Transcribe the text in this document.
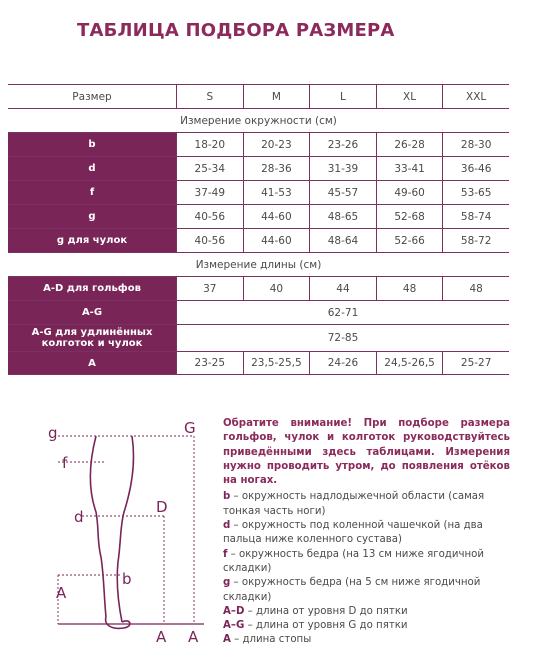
ТАБЛИЦА ПОДБОРА РАЗМЕРА
Размер	S	M	L	XL	XXL
Измерение окружности (см)
b	18-20	20-23	23-26	26-28	28-30
d	25-34	28-36	31-39	33-41	36-46
f	37-49	41-53	45-57	49-60	53-65
g	40-56	44-60	48-65	52-68	58-74
g для чулок	40-56	44-60	48-64	52-66	58-72
Измерение длины (см)
A-D для гольфов	37	40	44	48	48
A-G	62-71
A-G для удлинённых колготок и чулок	72-85
A	23-25	23,5-25,5	24-26	24,5-26,5	25-27
g
f
d
b
A
G
D
A A
Обратите внимание! При подборе размера гольфов, чулок и колготок руководствуйтесь приведёнными здесь таблицами. Измерения нужно проводить утром, до появления отёков на ногах.
b – окружность надлодыжечной области (самая тонкая часть ноги)
d – окружность под коленной чашечкой (на два пальца ниже коленного сустава)
f – окружность бедра (на 13 см ниже ягодичной складки)
g – окружность бедра (на 5 см ниже ягодичной складки)
A–D – длина от уровня D до пятки
A–G – длина от уровня G до пятки
A – длина стопы
